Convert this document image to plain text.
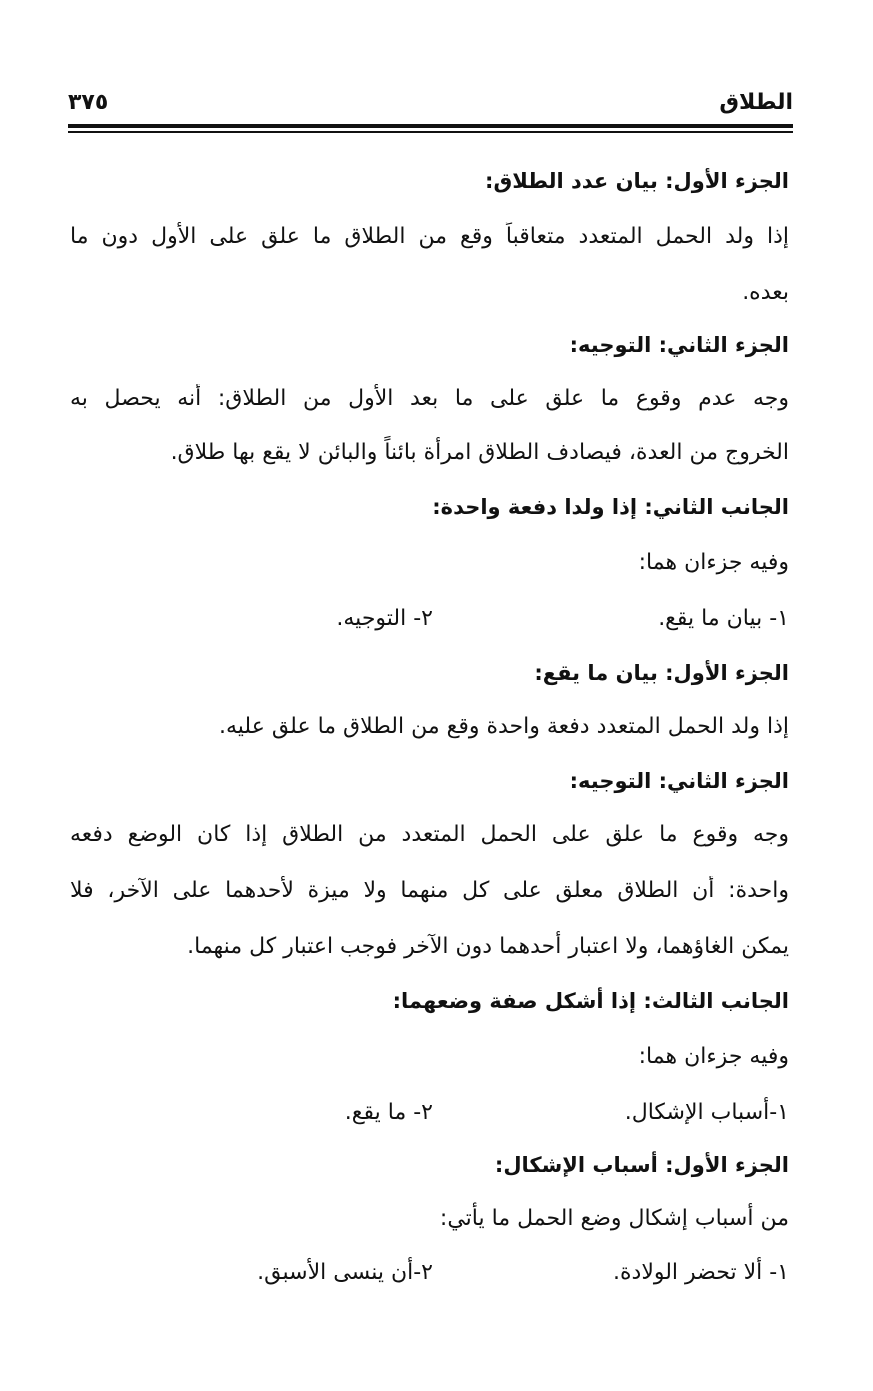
الطلاق
٣٧٥
الجزء الأول: بيان عدد الطلاق:
إذا ولد الحمل المتعدد متعاقباً وقع من الطلاق ما علق على الأول دون ما
بعده.
الجزء الثاني: التوجيه:
وجه عدم وقوع ما علق على ما بعد الأول من الطلاق: أنه يحصل به
الخروج من العدة، فيصادف الطلاق امرأة بائناً والبائن لا يقع بها طلاق.
الجانب الثاني: إذا ولدا دفعة واحدة:
وفيه جزءان هما:
١- بيان ما يقع.
٢- التوجيه.
الجزء الأول: بيان ما يقع:
إذا ولد الحمل المتعدد دفعة واحدة وقع من الطلاق ما علق عليه.
الجزء الثاني: التوجيه:
وجه وقوع ما علق على الحمل المتعدد من الطلاق إذا كان الوضع دفعه
واحدة: أن الطلاق معلق على كل منهما ولا ميزة لأحدهما على الآخر، فلا
يمكن الغاؤهما، ولا اعتبار أحدهما دون الآخر فوجب اعتبار كل منهما.
الجانب الثالث: إذا أشكل صفة وضعهما:
وفيه جزءان هما:
١-أسباب الإشكال.
٢- ما يقع.
الجزء الأول: أسباب الإشكال:
من أسباب إشكال وضع الحمل ما يأتي:
١- ألا تحضر الولادة.
٢-أن ينسى الأسبق.
